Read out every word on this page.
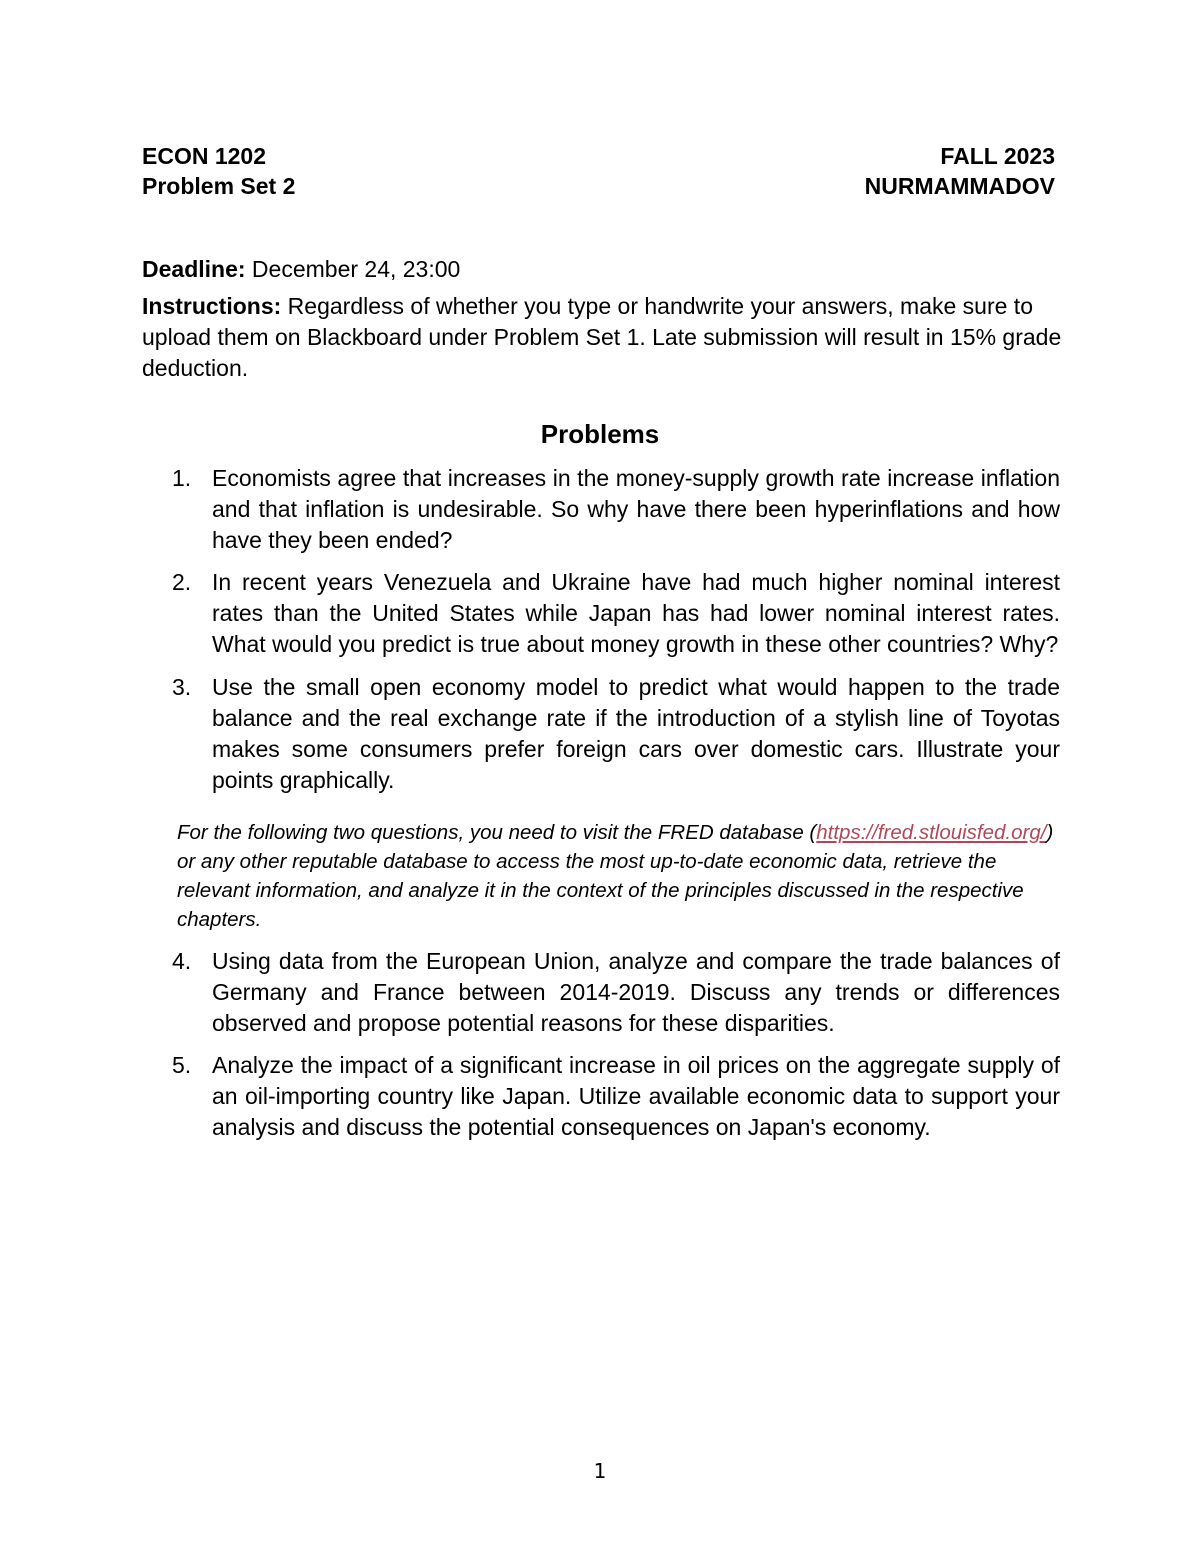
ECON 1202	FALL 2023
Problem Set 2	NURMAMMADOV
Deadline: December 24, 23:00
Instructions: Regardless of whether you type or handwrite your answers, make sure to upload them on Blackboard under Problem Set 1. Late submission will result in 15% grade deduction.
Problems
1. Economists agree that increases in the money-supply growth rate increase inflation and that inflation is undesirable. So why have there been hyperinflations and how have they been ended?
2. In recent years Venezuela and Ukraine have had much higher nominal interest rates than the United States while Japan has had lower nominal interest rates. What would you predict is true about money growth in these other countries? Why?
3. Use the small open economy model to predict what would happen to the trade balance and the real exchange rate if the introduction of a stylish line of Toyotas makes some consumers prefer foreign cars over domestic cars. Illustrate your points graphically.
For the following two questions, you need to visit the FRED database (https://fred.stlouisfed.org/) or any other reputable database to access the most up-to-date economic data, retrieve the relevant information, and analyze it in the context of the principles discussed in the respective chapters.
4. Using data from the European Union, analyze and compare the trade balances of Germany and France between 2014-2019. Discuss any trends or differences observed and propose potential reasons for these disparities.
5. Analyze the impact of a significant increase in oil prices on the aggregate supply of an oil-importing country like Japan. Utilize available economic data to support your analysis and discuss the potential consequences on Japan's economy.
1
